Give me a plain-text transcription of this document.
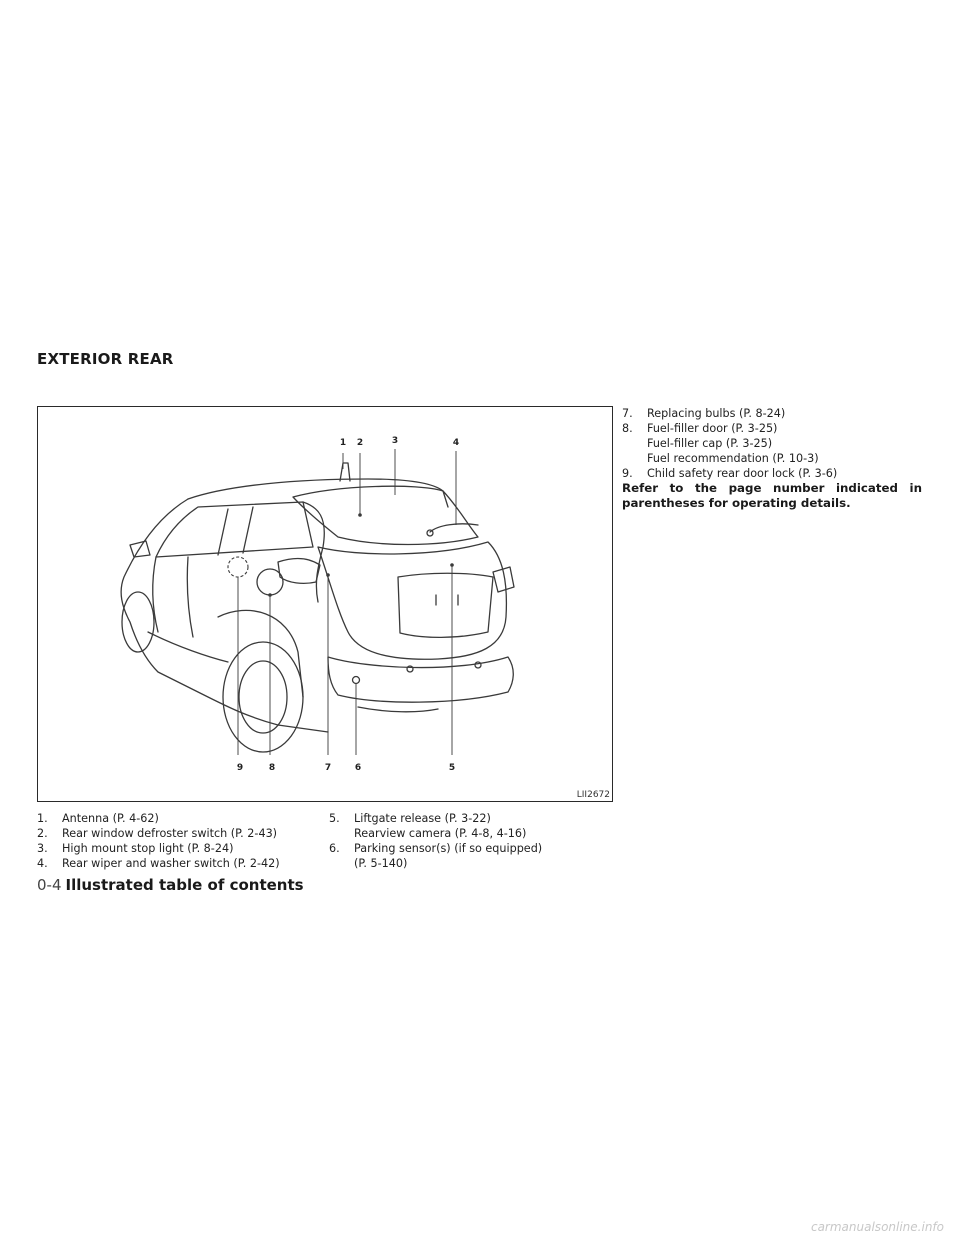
EXTERIOR REAR
1 2	3	4
9	8	7	6	5
LII2672
1.	Antenna (P. 4-62)
2.	Rear window defroster switch (P. 2-43)
3.	High mount stop light (P. 8-24)
4.	Rear wiper and washer switch (P. 2-42)
5.	Liftgate release (P. 3-22)
Rearview camera (P. 4-8, 4-16)
6.	Parking sensor(s) (if so equipped)
(P. 5-140)
7.	Replacing bulbs (P. 8-24)
8.	Fuel-filler door (P. 3-25)
Fuel-filler cap (P. 3-25)
Fuel recommendation (P. 10-3)
9.	Child safety rear door lock (P. 3-6)

Refer to the page number indicated in parentheses for operating details.

0-4 Illustrated table of contents
carmanualsonline.info
